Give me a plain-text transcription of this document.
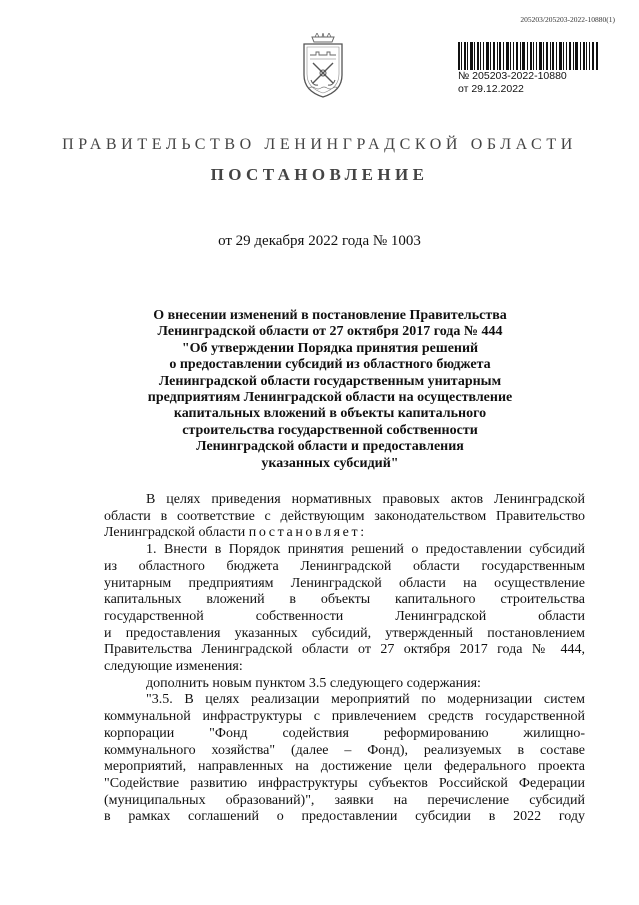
205203/205203-2022-10880(1)
№ 205203-2022-10880
от 29.12.2022
ПРАВИТЕЛЬСТВО ЛЕНИНГРАДСКОЙ ОБЛАСТИ
ПОСТАНОВЛЕНИЕ
от 29 декабря 2022 года № 1003
О внесении изменений в постановление Правительства
Ленинградской области от 27 октября 2017 года № 444
"Об утверждении Порядка принятия решений
о предоставлении субсидий из областного бюджета
Ленинградской области государственным унитарным
предприятиям Ленинградской области на осуществление
капитальных вложений в объекты капитального
строительства государственной собственности
Ленинградской области и предоставления
указанных субсидий"
В целях приведения нормативных правовых актов Ленинградской
области в соответствие с действующим законодательством Правительство
Ленинградской области постановляет:
1. Внести в Порядок принятия решений о предоставлении субсидий
из областного бюджета Ленинградской области государственным
унитарным предприятиям Ленинградской области на осуществление
капитальных вложений в объекты капитального строительства
государственной собственности Ленинградской области
и предоставления указанных субсидий, утвержденный постановлением
Правительства Ленинградской области от 27 октября 2017 года № 444,
следующие изменения:
дополнить новым пунктом 3.5 следующего содержания:
"3.5. В целях реализации мероприятий по модернизации систем
коммунальной инфраструктуры с привлечением средств государственной
корпорации "Фонд содействия реформированию жилищно-
коммунального хозяйства" (далее – Фонд), реализуемых в составе
мероприятий, направленных на достижение цели федерального проекта
"Содействие развитию инфраструктуры субъектов Российской Федерации
(муниципальных образований)", заявки на перечисление субсидий
в рамках соглашений о предоставлении субсидии в 2022 году
